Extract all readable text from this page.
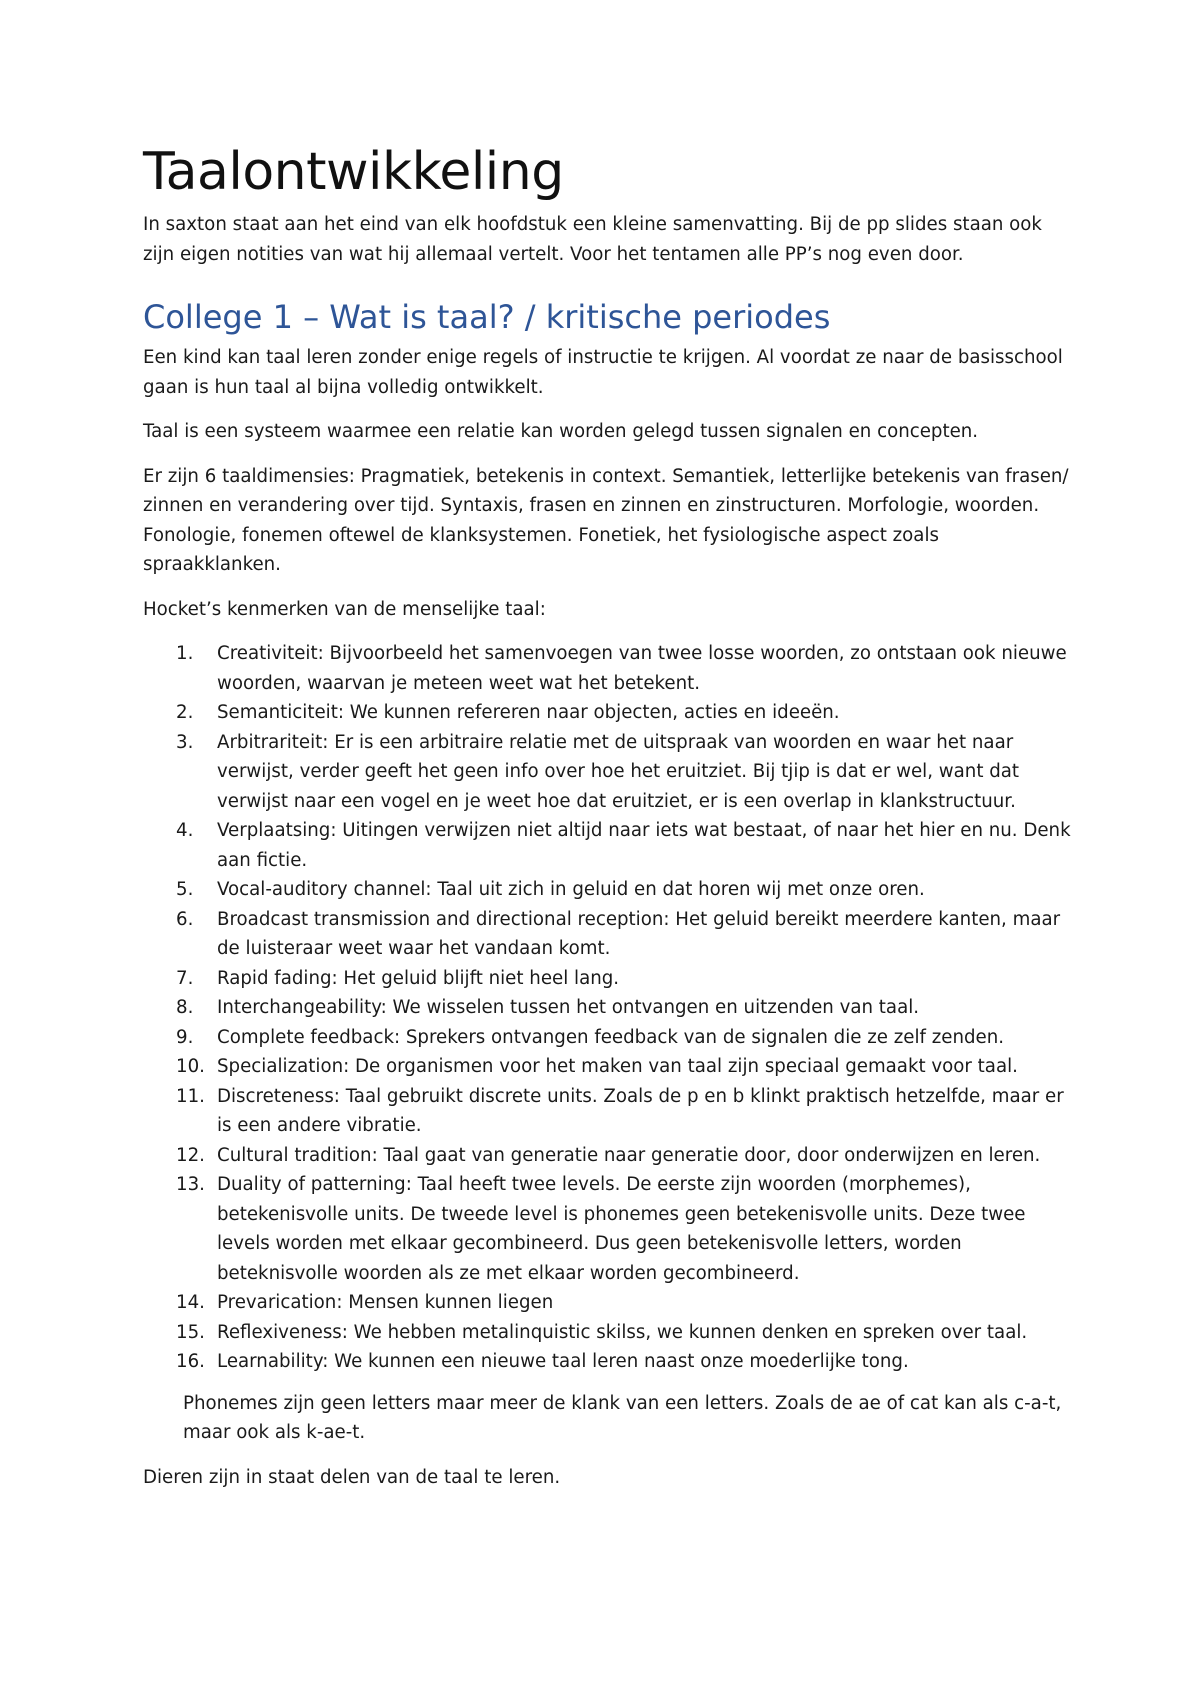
Taalontwikkeling

In saxton staat aan het eind van elk hoofdstuk een kleine samenvatting. Bij de pp slides staan ook zijn eigen notities van wat hij allemaal vertelt. Voor het tentamen alle PP’s nog even door.

College 1 – Wat is taal? / kritische periodes

Een kind kan taal leren zonder enige regels of instructie te krijgen. Al voordat ze naar de basisschool gaan is hun taal al bijna volledig ontwikkelt.

Taal is een systeem waarmee een relatie kan worden gelegd tussen signalen en concepten.

Er zijn 6 taaldimensies: Pragmatiek, betekenis in context. Semantiek, letterlijke betekenis van frasen/ zinnen en verandering over tijd. Syntaxis, frasen en zinnen en zinstructuren. Morfologie, woorden. Fonologie, fonemen oftewel de klanksystemen. Fonetiek, het fysiologische aspect zoals spraakklanken.

Hocket’s kenmerken van de menselijke taal:

1. Creativiteit: Bijvoorbeeld het samenvoegen van twee losse woorden, zo ontstaan ook nieuwe woorden, waarvan je meteen weet wat het betekent.
2. Semanticiteit: We kunnen refereren naar objecten, acties en ideeën.
3. Arbitrariteit: Er is een arbitraire relatie met de uitspraak van woorden en waar het naar verwijst, verder geeft het geen info over hoe het eruitziet. Bij tjip is dat er wel, want dat verwijst naar een vogel en je weet hoe dat eruitziet, er is een overlap in klankstructuur.
4. Verplaatsing: Uitingen verwijzen niet altijd naar iets wat bestaat, of naar het hier en nu. Denk aan fictie.
5. Vocal-auditory channel: Taal uit zich in geluid en dat horen wij met onze oren.
6. Broadcast transmission and directional reception: Het geluid bereikt meerdere kanten, maar de luisteraar weet waar het vandaan komt.
7. Rapid fading: Het geluid blijft niet heel lang.
8. Interchangeability: We wisselen tussen het ontvangen en uitzenden van taal.
9. Complete feedback: Sprekers ontvangen feedback van de signalen die ze zelf zenden.
10. Specialization: De organismen voor het maken van taal zijn speciaal gemaakt voor taal.
11. Discreteness: Taal gebruikt discrete units. Zoals de p en b klinkt praktisch hetzelfde, maar er is een andere vibratie.
12. Cultural tradition: Taal gaat van generatie naar generatie door, door onderwijzen en leren.
13. Duality of patterning: Taal heeft twee levels. De eerste zijn woorden (morphemes), betekenisvolle units. De tweede level is phonemes geen betekenisvolle units. Deze twee levels worden met elkaar gecombineerd. Dus geen betekenisvolle letters, worden beteknisvolle woorden als ze met elkaar worden gecombineerd.
14. Prevarication: Mensen kunnen liegen
15. Reflexiveness: We hebben metalinquistic skilss, we kunnen denken en spreken over taal.
16. Learnability: We kunnen een nieuwe taal leren naast onze moederlijke tong.

Phonemes zijn geen letters maar meer de klank van een letters. Zoals de ae of cat kan als c-a-t, maar ook als k-ae-t.

Dieren zijn in staat delen van de taal te leren.
